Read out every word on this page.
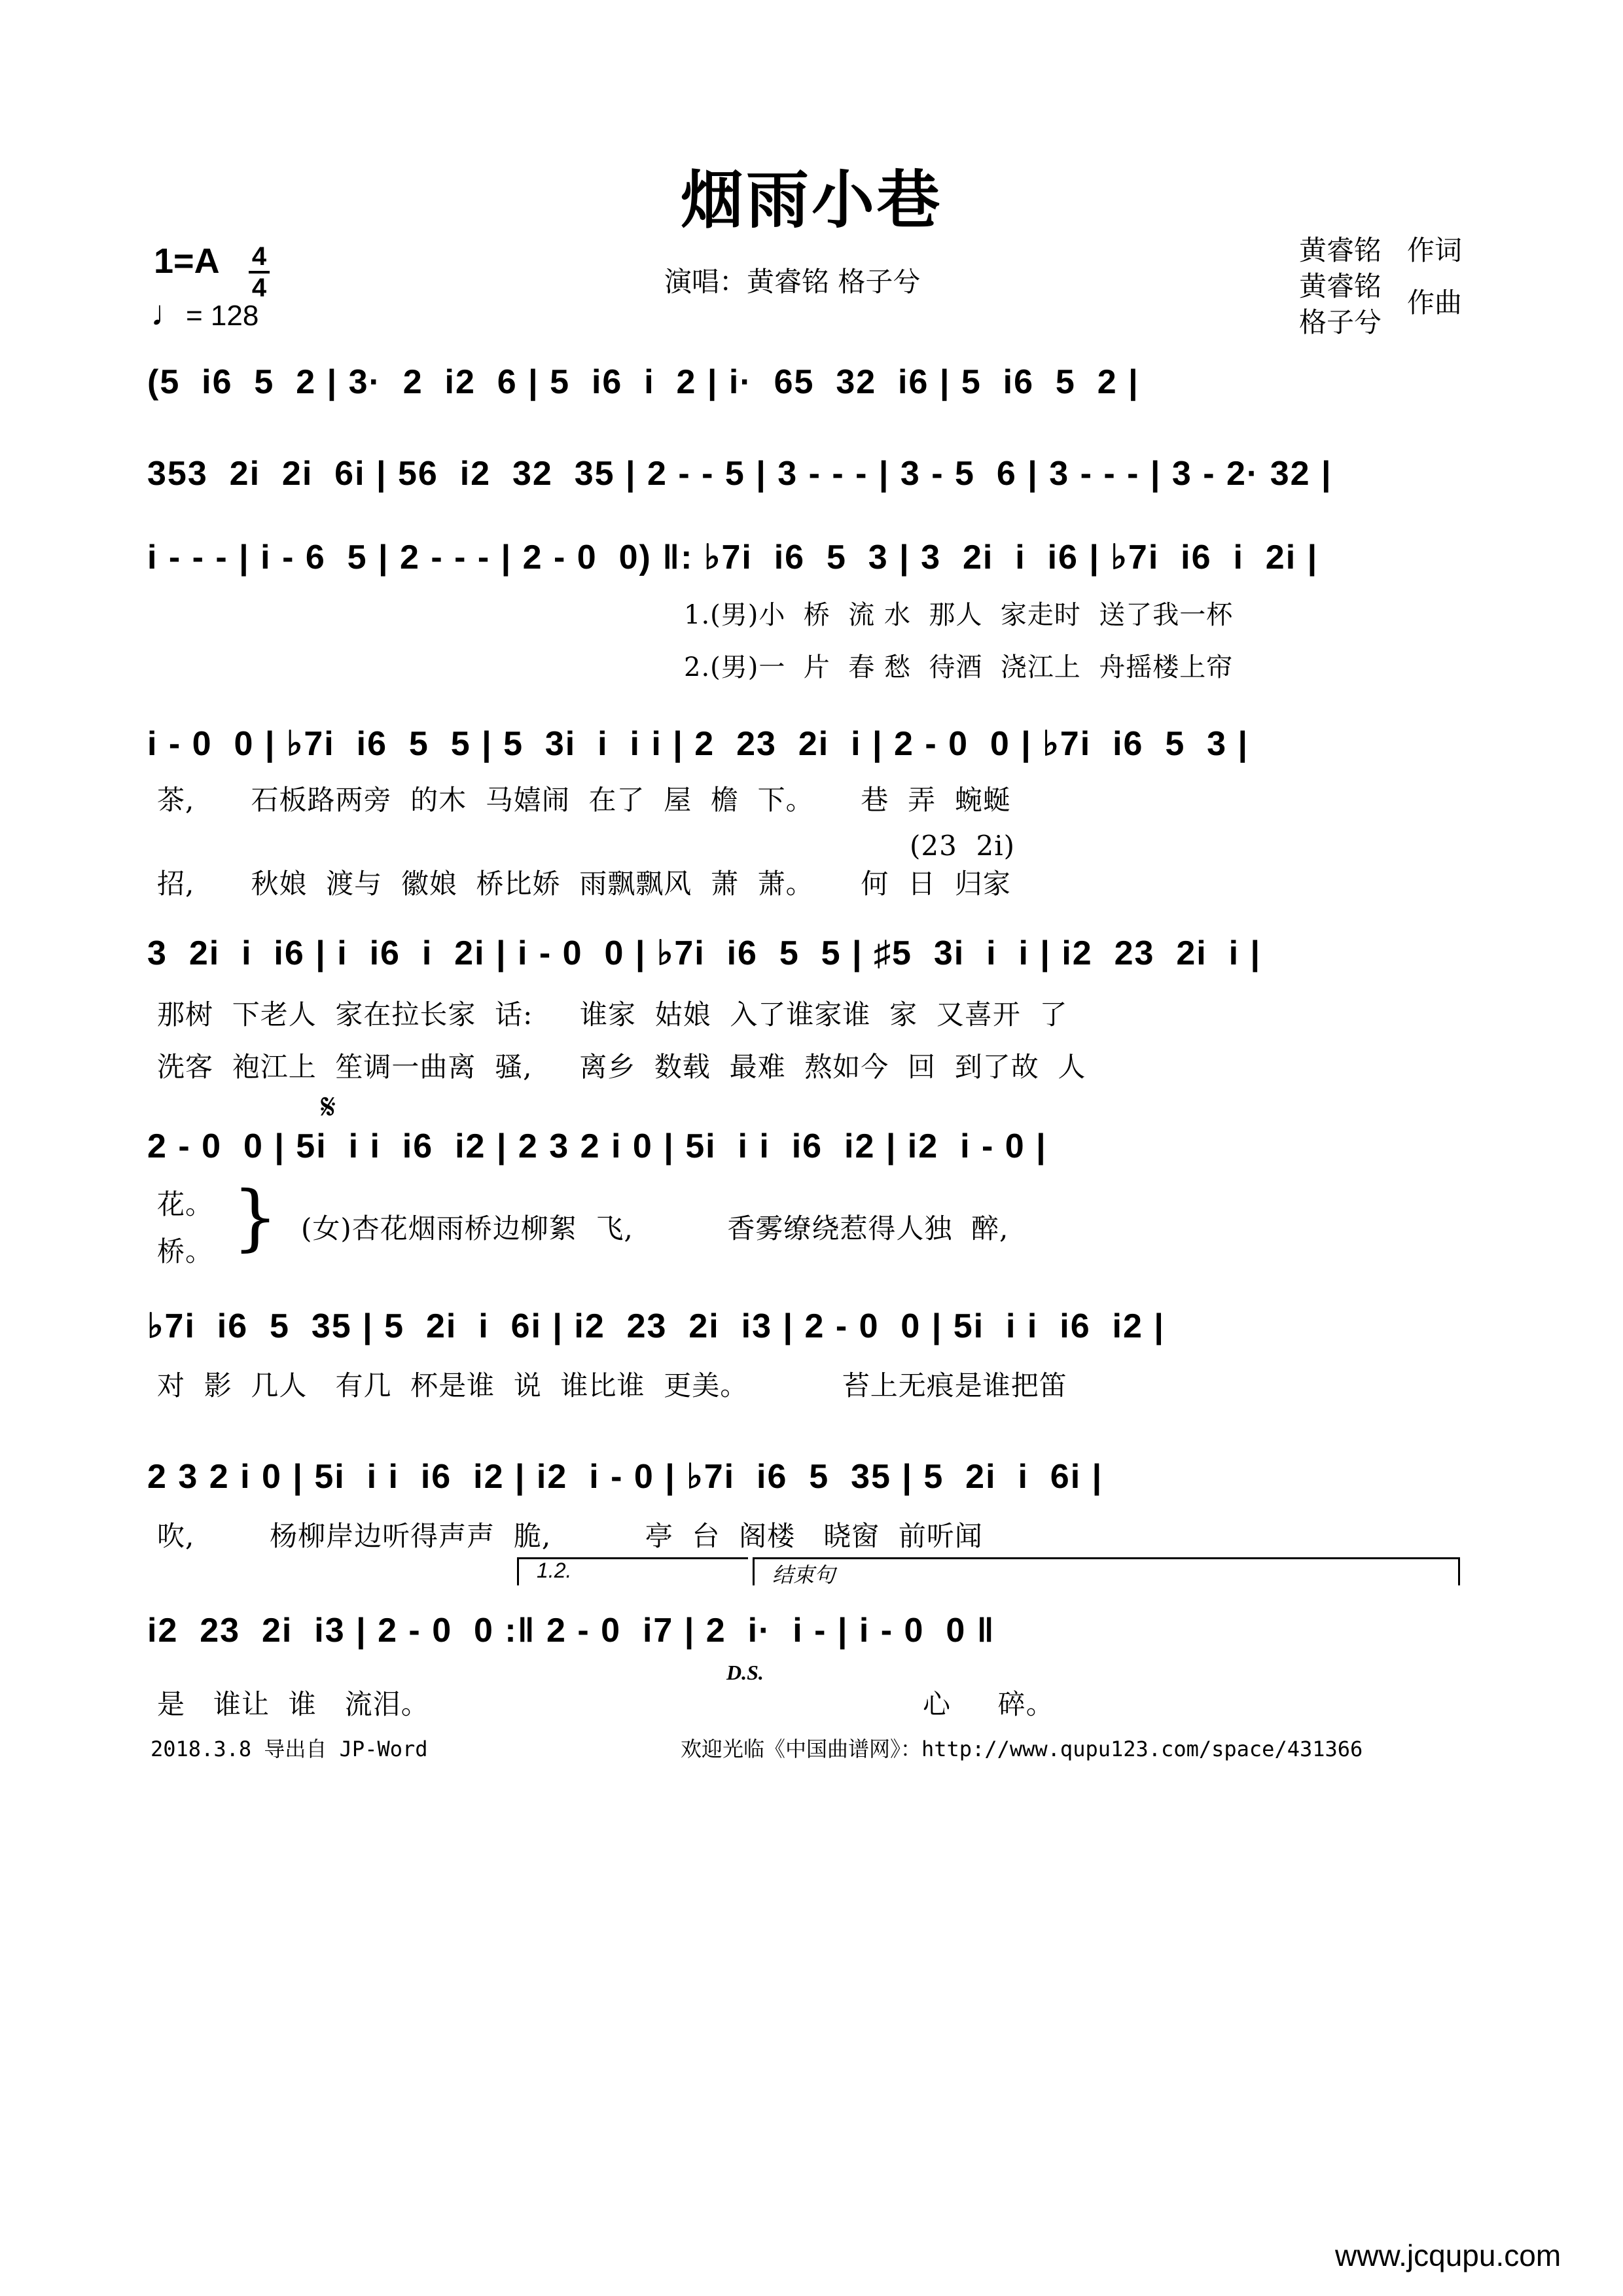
烟雨小巷
1=A 4
4
♩= 128
演唱：黄睿铭 格子兮
黄睿铭 作词
黄睿铭
格子兮
作曲
(5  i6  5  2 | 3·  2  i2  6 | 5  i6  i  2 | i·  65  32  i6 | 5  i6  5  2 |
353  2i  2i  6i | 56  i2  32  35 | 2 - - 5 | 3 - - - | 3 - 5  6 | 3 - - - | 3 - 2· 32 |
i - - - | i - 6  5 | 2 - - - | 2 - 0  0) ‖: ♭7i  i6  5  3 | 3  2i  i  i6 | ♭7i  i6  i  2i |
1.(男)小  桥  流 水  那人  家走时  送了我一杯
2.(男)一  片  春 愁  待酒  浇江上  舟摇楼上帘
i - 0  0 | ♭7i  i6  5  5 | 5  3i  i  i i | 2  23  2i  i | 2 - 0  0 | ♭7i  i6  5  3 |
茶,      石板路两旁  的木  马嬉闹  在了  屋  檐  下。     巷  弄  蜿蜒
(23  2i)
招,      秋娘  渡与  徽娘  桥比娇  雨飘飘风  萧  萧。     何  日  归家
3  2i  i  i6 | i  i6  i  2i | i - 0  0 | ♭7i  i6  5  5 | ♯5  3i  i  i | i2  23  2i  i |
那树  下老人  家在拉长家  话:     谁家  姑娘  入了谁家谁  家  又喜开  了
洗客  袍江上  笙调一曲离  骚,     离乡  数载  最难  熬如今  回  到了故  人
𝄋
2 - 0  0 | 5i  i i  i6  i2 | 2 3 2 i 0 | 5i  i i  i6  i2 | i2  i - 0 |
花。
桥。 } (女)杏花烟雨桥边柳絮  飞,          香雾缭绕惹得人独  醉,
♭7i  i6  5  35 | 5  2i  i  6i | i2  23  2i  i3 | 2 - 0  0 | 5i  i i  i6  i2 |
对  影  几人   有几  杯是谁  说  谁比谁  更美。          苔上无痕是谁把笛
2 3 2 i 0 | 5i  i i  i6  i2 | i2  i - 0 | ♭7i  i6  5  35 | 5  2i  i  6i |
吹,        杨柳岸边听得声声  脆,          亭  台  阁楼   晓窗  前听闻
1.2.	结束句
i2  23  2i  i3 | 2 - 0  0 :‖ 2 - 0  i7 | 2  i·  i - | i - 0  0 ‖
D.S.
是   谁让  谁   流泪。	心     碎。
2018.3.8 导出自 JP-Word	欢迎光临《中国曲谱网》：http://www.qupu123.com/space/431366
www.jcqupu.com
